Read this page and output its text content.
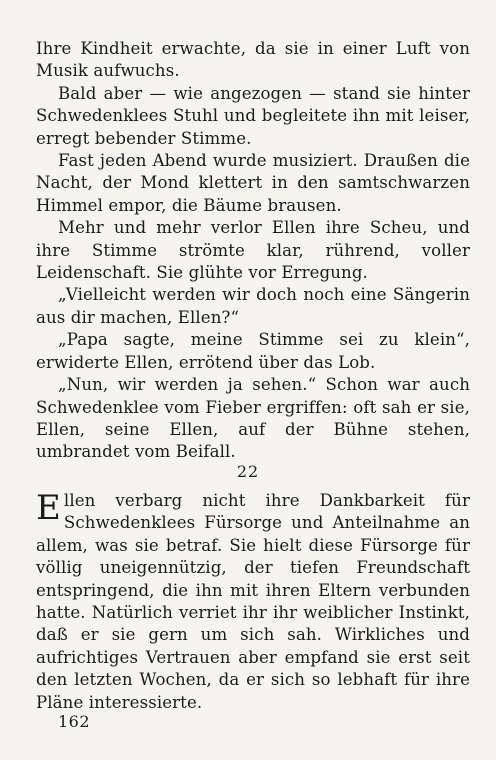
Ihre Kindheit erwachte, da sie in einer Luft von Musik aufwuchs.

Bald aber — wie angezogen — stand sie hinter Schwedenklees Stuhl und begleitete ihn mit leiser, erregt bebender Stimme.

Fast jeden Abend wurde musiziert. Draußen die Nacht, der Mond klettert in den samtschwarzen Himmel empor, die Bäume brausen.

Mehr und mehr verlor Ellen ihre Scheu, und ihre Stimme strömte klar, rührend, voller Leidenschaft. Sie glühte vor Erregung.

„Vielleicht werden wir doch noch eine Sängerin aus dir machen, Ellen?“

„Papa sagte, meine Stimme sei zu klein“, erwiderte Ellen, errötend über das Lob.

„Nun, wir werden ja sehen.“ Schon war auch Schwedenklee vom Fieber ergriffen: oft sah er sie, Ellen, seine Ellen, auf der Bühne stehen, umbrandet vom Beifall.

22

Ellen verbarg nicht ihre Dankbarkeit für Schwedenklees Fürsorge und Anteilnahme an allem, was sie betraf. Sie hielt diese Fürsorge für völlig uneigennützig, der tiefen Freundschaft entspringend, die ihn mit ihren Eltern verbunden hatte. Natürlich verriet ihr ihr weiblicher Instinkt, daß er sie gern um sich sah. Wirkliches und aufrichtiges Vertrauen aber empfand sie erst seit den letzten Wochen, da er sich so lebhaft für ihre Pläne interessierte.

162
